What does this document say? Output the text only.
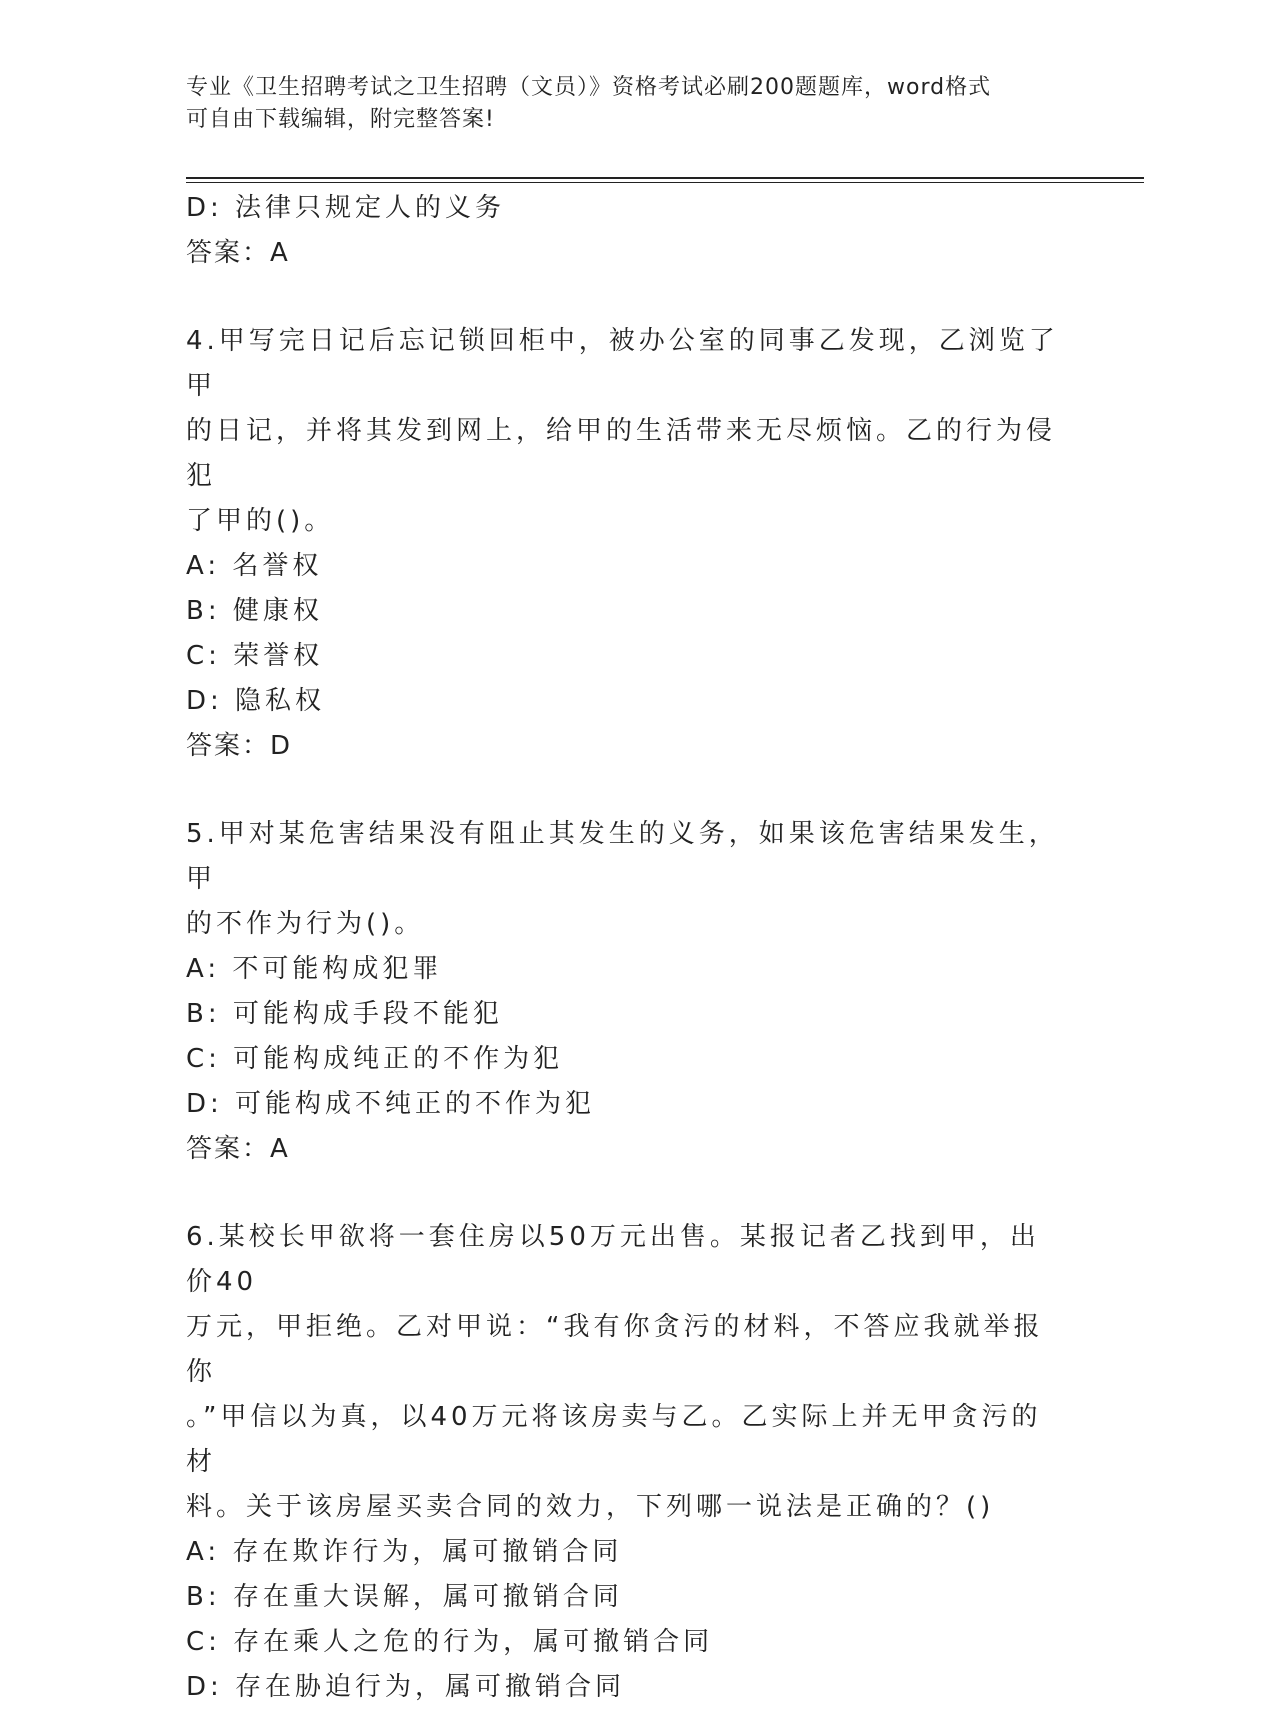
专业《卫生招聘考试之卫生招聘（文员）》资格考试必刷200题题库，word格式
可自由下载编辑，附完整答案!
D: 法律只规定人的义务
答案：A
4.甲写完日记后忘记锁回柜中，被办公室的同事乙发现，乙浏览了甲
的日记，并将其发到网上，给甲的生活带来无尽烦恼。乙的行为侵犯
了甲的()。
A: 名誉权
B: 健康权
C: 荣誉权
D: 隐私权
答案：D
5.甲对某危害结果没有阻止其发生的义务，如果该危害结果发生，甲
的不作为行为()。
A: 不可能构成犯罪
B: 可能构成手段不能犯
C: 可能构成纯正的不作为犯
D: 可能构成不纯正的不作为犯
答案：A
6.某校长甲欲将一套住房以50万元出售。某报记者乙找到甲，出价40
万元，甲拒绝。乙对甲说：“我有你贪污的材料，不答应我就举报你
。”甲信以为真，以40万元将该房卖与乙。乙实际上并无甲贪污的材
料。关于该房屋买卖合同的效力，下列哪一说法是正确的？()
A: 存在欺诈行为，属可撤销合同
B: 存在重大误解，属可撤销合同
C: 存在乘人之危的行为，属可撤销合同
D: 存在胁迫行为，属可撤销合同
